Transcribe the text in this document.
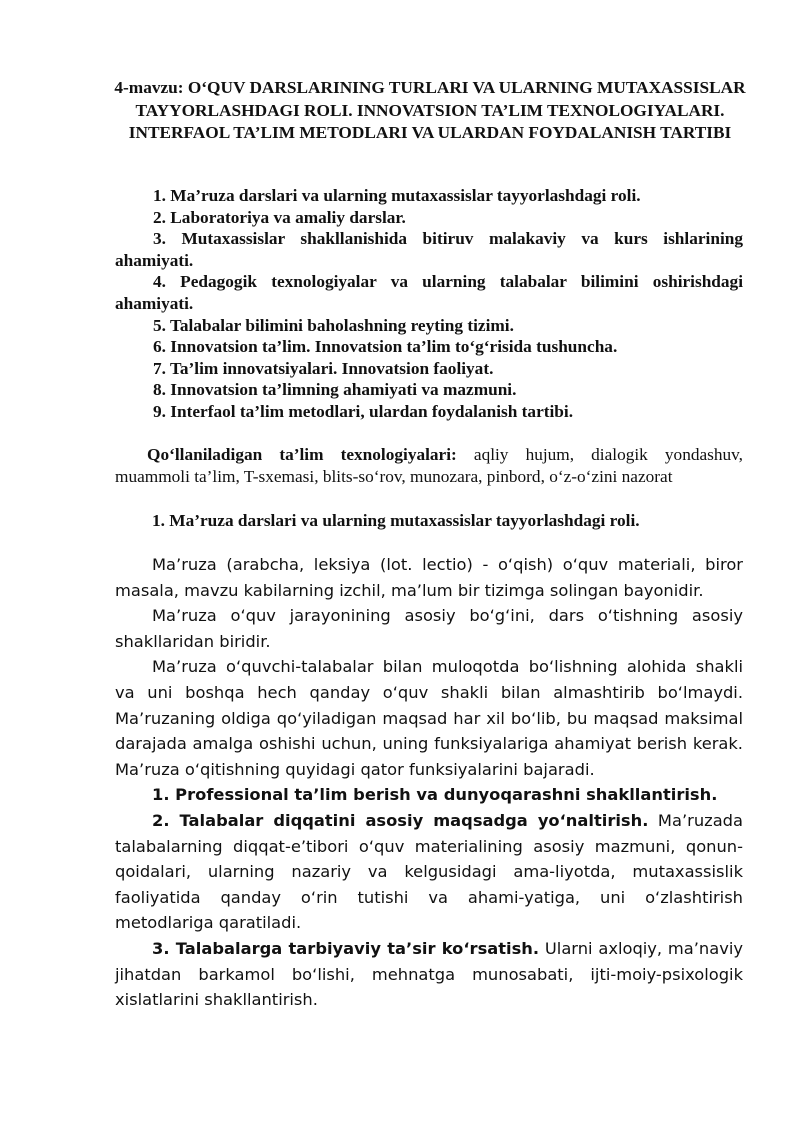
4-mavzu: O‘QUV DARSLARINING TURLARI VA ULARNING MUTAXASSISLAR TAYYORLASHDAGI ROLI. INNOVATSION TA’LIM TEXNOLOGIYALARI. INTERFAOL TA’LIM METODLARI VA ULARDAN FOYDALANISH TARTIBI
1. Ma’ruza darslari va ularning mutaxassislar tayyorlashdagi roli.
2. Laboratoriya va amaliy darslar.
3. Mutaxassislar shakllanishida bitiruv malakaviy va kurs ishlarining ahamiyati.
4. Pedagogik texnologiyalar va ularning talabalar bilimini oshirishdagi ahamiyati.
5. Talabalar bilimini baholashning reyting tizimi.
6. Innovatsion ta’lim. Innovatsion ta’lim to‘g‘risida tushuncha.
7. Ta’lim innovatsiyalari. Innovatsion faoliyat.
8. Innovatsion ta’limning ahamiyati va mazmuni.
9. Interfaol ta’lim metodlari, ulardan foydalanish tartibi.

Qo‘llaniladigan ta’lim texnologiyalari: aqliy hujum, dialogik yondashuv, muammoli ta’lim, T-sxemasi, blits-so‘rov, munozara, pinbord, o‘z-o‘zini nazorat

1. Ma’ruza darslari va ularning mutaxassislar tayyorlashdagi roli.

Ma’ruza (arabcha, leksiya (lot. lectio) - o‘qish) o‘quv materiali, biror masala, mavzu kabilarning izchil, ma’lum bir tizimga solingan bayonidir.

Ma’ruza o‘quv jarayonining asosiy bo‘g‘ini, dars o‘tishning asosiy shakllaridan biridir.

Ma’ruza o‘quvchi-talabalar bilan muloqotda bo‘lishning alohida shakli va uni boshqa hech qanday o‘quv shakli bilan almashtirib bo‘lmaydi. Ma’ruzaning oldiga qo‘yiladigan maqsad har xil bo‘lib, bu maqsad maksimal darajada amalga oshishi uchun, uning funksiyalariga ahamiyat berish kerak. Ma’ruza o‘qitishning quyidagi qator funksiyalarini bajaradi.

1. Professional ta’lim berish va dunyoqarashni shakllantirish.

2. Talabalar diqqatini asosiy maqsadga yo‘naltirish. Ma’ruzada talabalarning diqqat-e’tibori o‘quv materialining asosiy mazmuni, qonun-qoidalari, ularning nazariy va kelgusidagi ama-liyotda, mutaxassislik faoliyatida qanday o‘rin tutishi va ahami-yatiga, uni o‘zlashtirish metodlariga qaratiladi.

3. Talabalarga tarbiyaviy ta’sir ko‘rsatish. Ularni axloqiy, ma’naviy jihatdan barkamol bo‘lishi, mehnatga munosabati, ijti-moiy-psixologik xislatlarini shakllantirish.
